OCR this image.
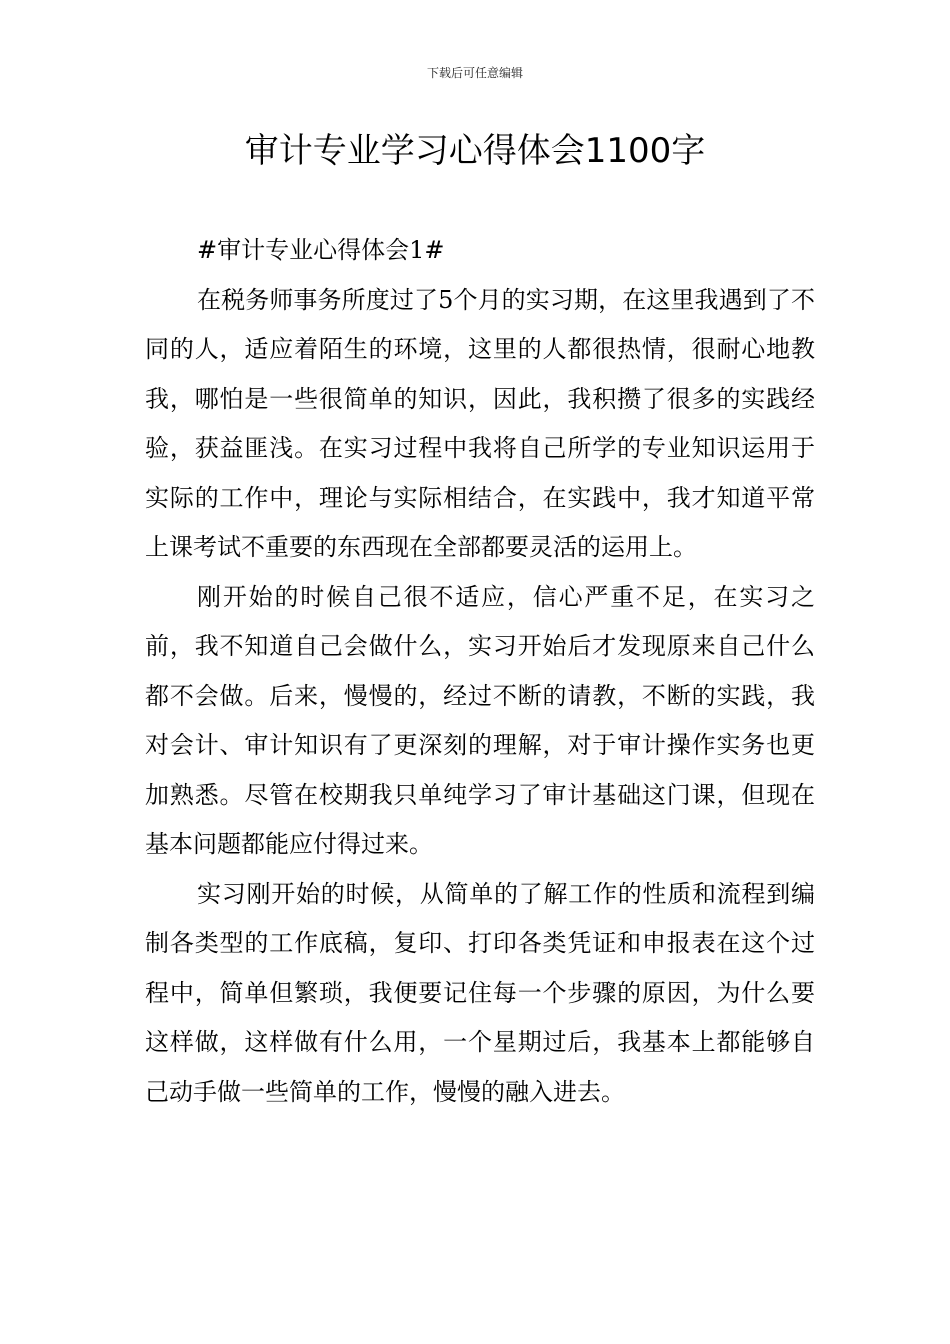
下载后可任意编辑
审计专业学习心得体会1100字

#审计专业心得体会1#

在税务师事务所度过了5个月的实习期，在这里我遇到了不同的人，适应着陌生的环境，这里的人都很热情，很耐心地教我，哪怕是一些很简单的知识，因此，我积攒了很多的实践经验，获益匪浅。在实习过程中我将自己所学的专业知识运用于实际的工作中，理论与实际相结合，在实践中，我才知道平常上课考试不重要的东西现在全部都要灵活的运用上。

刚开始的时候自己很不适应，信心严重不足，在实习之前，我不知道自己会做什么，实习开始后才发现原来自己什么都不会做。后来，慢慢的，经过不断的请教，不断的实践，我对会计、审计知识有了更深刻的理解，对于审计操作实务也更加熟悉。尽管在校期我只单纯学习了审计基础这门课，但现在基本问题都能应付得过来。

实习刚开始的时候，从简单的了解工作的性质和流程到编制各类型的工作底稿，复印、打印各类凭证和申报表在这个过程中，简单但繁琐，我便要记住每一个步骤的原因，为什么要这样做，这样做有什么用，一个星期过后，我基本上都能够自己动手做一些简单的工作，慢慢的融入进去。
